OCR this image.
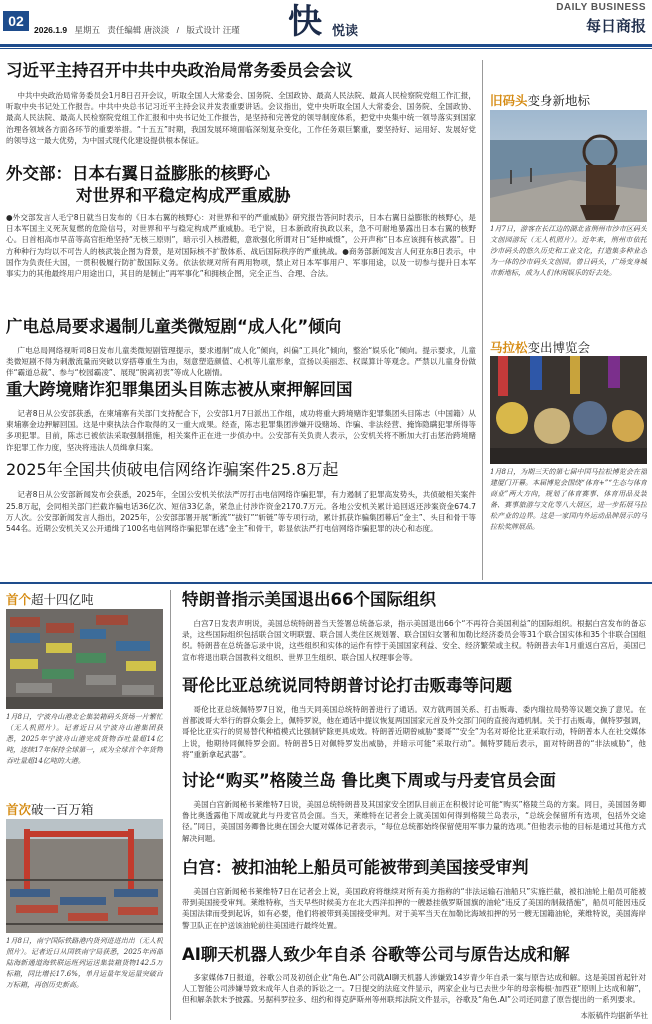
02
2026.1.9 星期五 责任编辑 唐淡淡 / 版式设计 汪瑾 快 悦读
DAILY BUSINESS
每日商报
习近平主持召开中共中央政治局常务委员会会议

中共中央政治局常务委员会1月8日召开会议，听取全国人大常委会、国务院、全国政协、最高人民法院、最高人民检察院党组工作汇报，听取中央书记处工作报告。中共中央总书记习近平主持会议并发表重要讲话。会议指出，党中央听取全国人大常委会、国务院、全国政协、最高人民法院、最高人民检察院党组工作汇报和中央书记处工作报告，是坚持和完善党的领导制度体系，把党中央集中统一领导落实到国家治理各领域各方面各环节的重要举措。“十五五”时期，我国发展环境面临深刻复杂变化，工作任务艰巨繁重，要坚持好、运用好、发展好党的领导这一最大优势，为中国式现代化建设提供根本保证。

外交部：日本右翼日益膨胀的核野心
对世界和平稳定构成严重威胁

●外交部发言人毛宁8日就当日发布的《日本右翼的核野心：对世界和平的严重威胁》研究报告答问时表示，日本右翼日益膨胀的核野心，是日本军国主义死灰复燃的危险信号，对世界和平与稳定构成严重威胁。毛宁说，日本新政府执政以来，急不可耐地暴露出日本右翼的核野心。日首相高市早苗等高官拒绝坚持“无核三原则”，暗示引入核潜艇，意欲强化所谓对日“延伸威慑”，公开声称“日本应该拥有核武器”。日方种种行为均以不可告人的核武装企图为背景，是对国际核不扩散体系、战后国际秩序的严重挑战。●商务部新闻发言人何亚东8日表示，中国作为负责任大国，一贯积极履行防扩散国际义务。依法依规对所有两用物项，禁止对日本军事用户、军事用途，以及一切参与提升日本军事实力的其他最终用户用途出口，其目的是制止“再军事化”和拥核企图，完全正当、合理、合法。

广电总局要求遏制儿童类微短剧“成人化”倾向

广电总局网络视听司8日发布儿童类微短剧管理提示，要求遏制“成人化”倾向，纠偏“工具化”倾向，整治“娱乐化”倾向。提示要求，儿童类微短剧不得为刺激流量而突破以穿搭尊重生为由，刻意塑造颜值、心机等儿童形象，宣扬以美丽恋、权谋算计等观念。严禁以儿童身份做伴“霸道总裁”、参与“校园霸凌”、展现“脱离初衷”等成人化剧情。

重大跨境赌诈犯罪集团头目陈志被从柬押解回国

记者8日从公安部获悉，在柬埔寨有关部门支持配合下，公安部1月7日派出工作组，成功将重大跨境赌诈犯罪集团头目陈志（中国籍）从柬埔寨金边押解回国。这是中柬执法合作取得的又一重大成果。经查，陈志犯罪集团涉嫌开设赌场、诈骗、非法经营、掩饰隐瞒犯罪所得等多项犯罪。目前，陈志已被依法采取强制措施，相关案件正在进一步侦办中。公安部有关负责人表示，公安机关将不断加大打击惩治跨境赌诈犯罪工作力度，坚决将违法人员缉拿归案。

2025年全国共侦破电信网络诈骗案件25.8万起

记者8日从公安部新闻发布会获悉，2025年，全国公安机关依法严厉打击电信网络诈骗犯罪，有力遏制了犯罪高发势头，共侦破相关案件25.8万起，会同相关部门拦截诈骗电话36亿次、短信33亿条，紧急止付涉诈资金2170.7万元。各地公安机关累计追回返还涉案资金674.7万人次。公安部新闻发言人指出，2025年，公安部部署开展“断流”“拔钉”“斩链”等专项行动，累计抓获诈骗集团幕后“金主”、头目和骨干等544名。近期公安机关又公开通缉了100名电信网络诈骗犯罪在逃“金主”和骨干，彰显依法严打电信网络诈骗犯罪的决心和态度。

旧码头变身新地标

1月7日，游客在长江边的湖北省荆州市沙市区码头文创园游玩（无人机照片）。近年来，荆州市依托沙市码头的悠久历史和工业文化，打造集多种业态为一体的沙市码头文创园。曾日码头，广场变身城市新地标，成为人们休闲娱乐的好去处。

马拉松变出博览会

1月8日，为期三天的第七届中国马拉松博览会在福建厦门开幕。本届博览会围绕“体育+”“生态与体育商业”两大方向，规划了体育赛事、体育用品及装备、赛事旅游与文化等八大展区，进一步拓展马拉松产业的边界。这是一家国内外运动品牌展示的马拉松奖牌展品。

首个超十四亿吨

1月8日，宁波舟山港北仑集装箱码头货场一片繁忙（无人机照片）。记者近日从宁波舟山港集团获悉，2025年宁波舟山港完成货物吞吐量超14亿吨，连续17年保持全球第一，成为全球首个年货物吞吐量超14亿吨的大港。

首次破一百万箱

1月8日，南宁国际铁路港内货列进进出出（无人机照片）。记者近日从国铁南宁局获悉，2025年西部陆海新通道海铁联运班列运送集装箱货物142.5万标箱，同比增长17.6%，单月运量年发运量突破百万标箱，再创历史新高。

特朗普指示美国退出66个国际组织

白宫7日发表声明说，美国总统特朗普当天签署总统备忘录，指示美国退出66个“不再符合美国利益”的国际组织。根据白宫发布的备忘录，这些国际组织包括联合国文明联盟、联合国人类住区规划署、联合国妇女署和加勒比经济委员会等31个联合国实体和35个非联合国组织。特朗普在总统备忘录中说，这些组织和实体的运作有悖于美国国家利益、安全、经济繁荣或主权。特朗普去年1月重返白宫后，美国已宣布将退出联合国教科文组织、世界卫生组织、联合国人权理事会等。

哥伦比亚总统说同特朗普讨论打击贩毒等问题

哥伦比亚总统佩特罗7日说，他当天同美国总统特朗普进行了通话。双方就两国关系、打击贩毒、委内瑞拉局势等议题交换了意见。在首都波哥大举行的群众集会上，佩特罗说，他在通话中提议恢复两国国家元首及外交部门间的直接沟通机制。关于打击贩毒，佩特罗强调，哥伦比亚实行的贸易替代种植模式比强制铲除更具成效。特朗普近期曾威胁“要哥”“安全”为名对哥伦比亚采取行动，特朗普本人在社交媒体上说，他期待同佩特罗会面。特朗普5日对佩特罗发出威胁，并暗示可能“采取行动”。佩特罗随后表示，面对特朗普的“非法威胁”，他将“重新拿起武器”。

讨论“购买”格陵兰岛 鲁比奥下周或与丹麦官员会面

美国白宫新闻秘书莱维特7日说，美国总统特朗普及其国家安全团队目前正在积极讨论可能“购买”格陵兰岛的方案。同日，美国国务卿鲁比奥透露他下周或就此与丹麦官员会面。当天，莱维特在记者会上就美国如何得到格陵兰岛表示，“总统会保留所有选项，包括外交途径。”同日，美国国务卿鲁比奥在国会大厦对媒体记者表示，“每位总统都始终保留使用军事力量的选项。”但他表示他的目标是通过其他方式解决问题。

白宫：被扣油轮上船员可能被带到美国接受审判

美国白宫新闻秘书莱维特7日在记者会上说，美国政府将继续对所有美方指称的“非法运输石油船只”实施拦截，被扣油轮上船员可能被带到美国接受审判。莱维特称，当天早些时候美方在北大西洋扣押的一艘悬挂俄罗斯国旗的油轮“违反了美国的制裁措施”，船员可能因违反美国法律而受到起诉，如有必要，他们将被带到美国接受审判。对于美军当天在加勒比海域扣押的另一艘无国籍油轮，莱维特说，美国海岸警卫队正在护送该油轮前往美国进行最终处置。

AI聊天机器人致少年自杀 谷歌等公司与原告达成和解

多家媒体7日报道，谷歌公司及初创企业“角色.AI”公司就AI聊天机器人涉嫌致14岁青少年自杀一案与原告达成和解。这是美国首起针对人工智能公司涉嫌导致未成年人自杀的诉讼之一。7日提交的法庭文件显示，两家企业与已去世少年的母亲梅根·加西亚“原则上达成和解”，但和解条款未予披露。另据科罗拉多、纽约和得克萨斯州等州联邦法院文件显示，谷歌及“角色.AI”公司还同意了原告提出的一系列要求。

本版稿件均据新华社
